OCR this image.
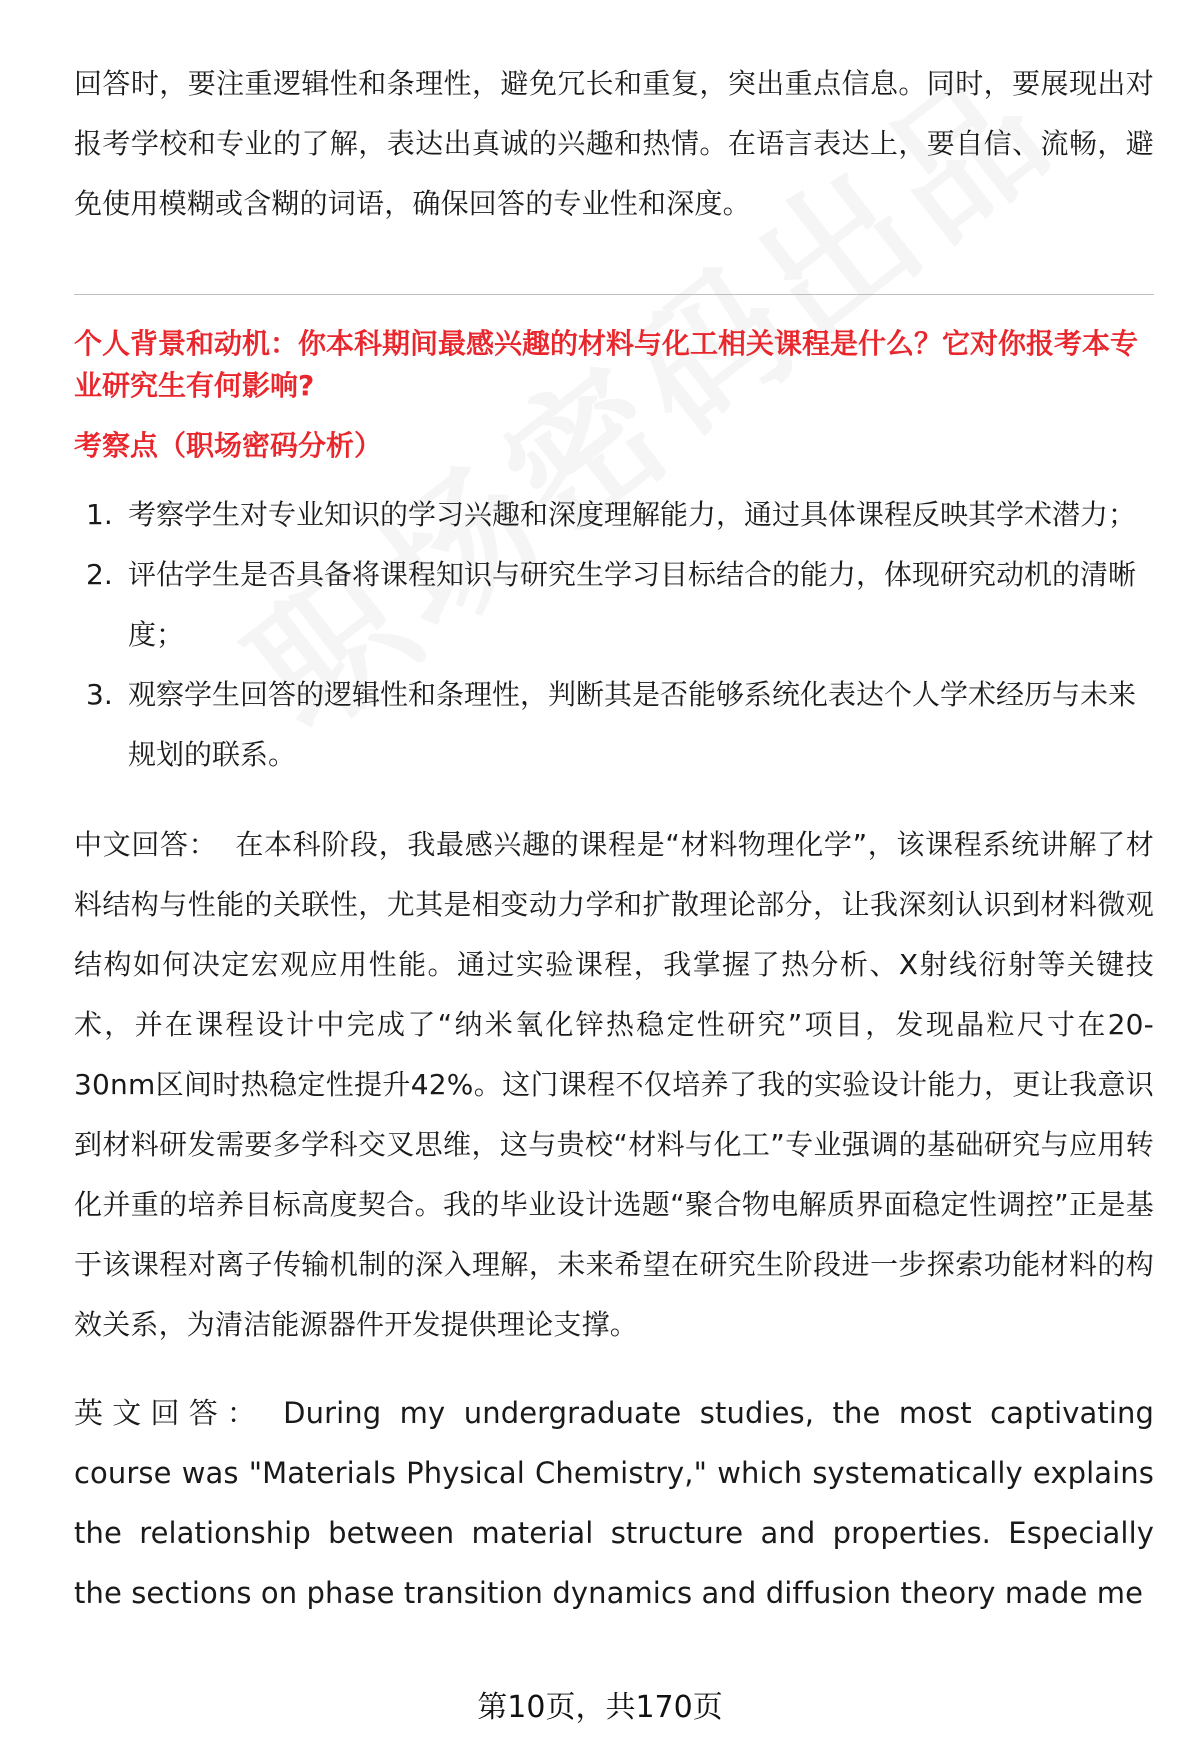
回答时，要注重逻辑性和条理性，避免冗长和重复，突出重点信息。同时，要展现出对报考学校和专业的了解，表达出真诚的兴趣和热情。在语言表达上，要自信、流畅，避免使用模糊或含糊的词语，确保回答的专业性和深度。

个人背景和动机：你本科期间最感兴趣的材料与化工相关课程是什么？它对你报考本专业研究生有何影响?

考察点（职场密码分析）

1. 考察学生对专业知识的学习兴趣和深度理解能力，通过具体课程反映其学术潜力；
2. 评估学生是否具备将课程知识与研究生学习目标结合的能力，体现研究动机的清晰度；
3. 观察学生回答的逻辑性和条理性，判断其是否能够系统化表达个人学术经历与未来规划的联系。

中文回答： 在本科阶段，我最感兴趣的课程是“材料物理化学”，该课程系统讲解了材料结构与性能的关联性，尤其是相变动力学和扩散理论部分，让我深刻认识到材料微观结构如何决定宏观应用性能。通过实验课程，我掌握了热分析、X射线衍射等关键技术，并在课程设计中完成了“纳米氧化锌热稳定性研究”项目，发现晶粒尺寸在20-30nm区间时热稳定性提升42%。这门课程不仅培养了我的实验设计能力，更让我意识到材料研发需要多学科交叉思维，这与贵校“材料与化工”专业强调的基础研究与应用转化并重的培养目标高度契合。我的毕业设计选题“聚合物电解质界面稳定性调控”正是基于该课程对离子传输机制的深入理解，未来希望在研究生阶段进一步探索功能材料的构效关系，为清洁能源器件开发提供理论支撑。

英文回答： During my undergraduate studies, the most captivating course was "Materials Physical Chemistry," which systematically explains the relationship between material structure and properties. Especially the sections on phase transition dynamics and diffusion theory made me

第10页，共170页
